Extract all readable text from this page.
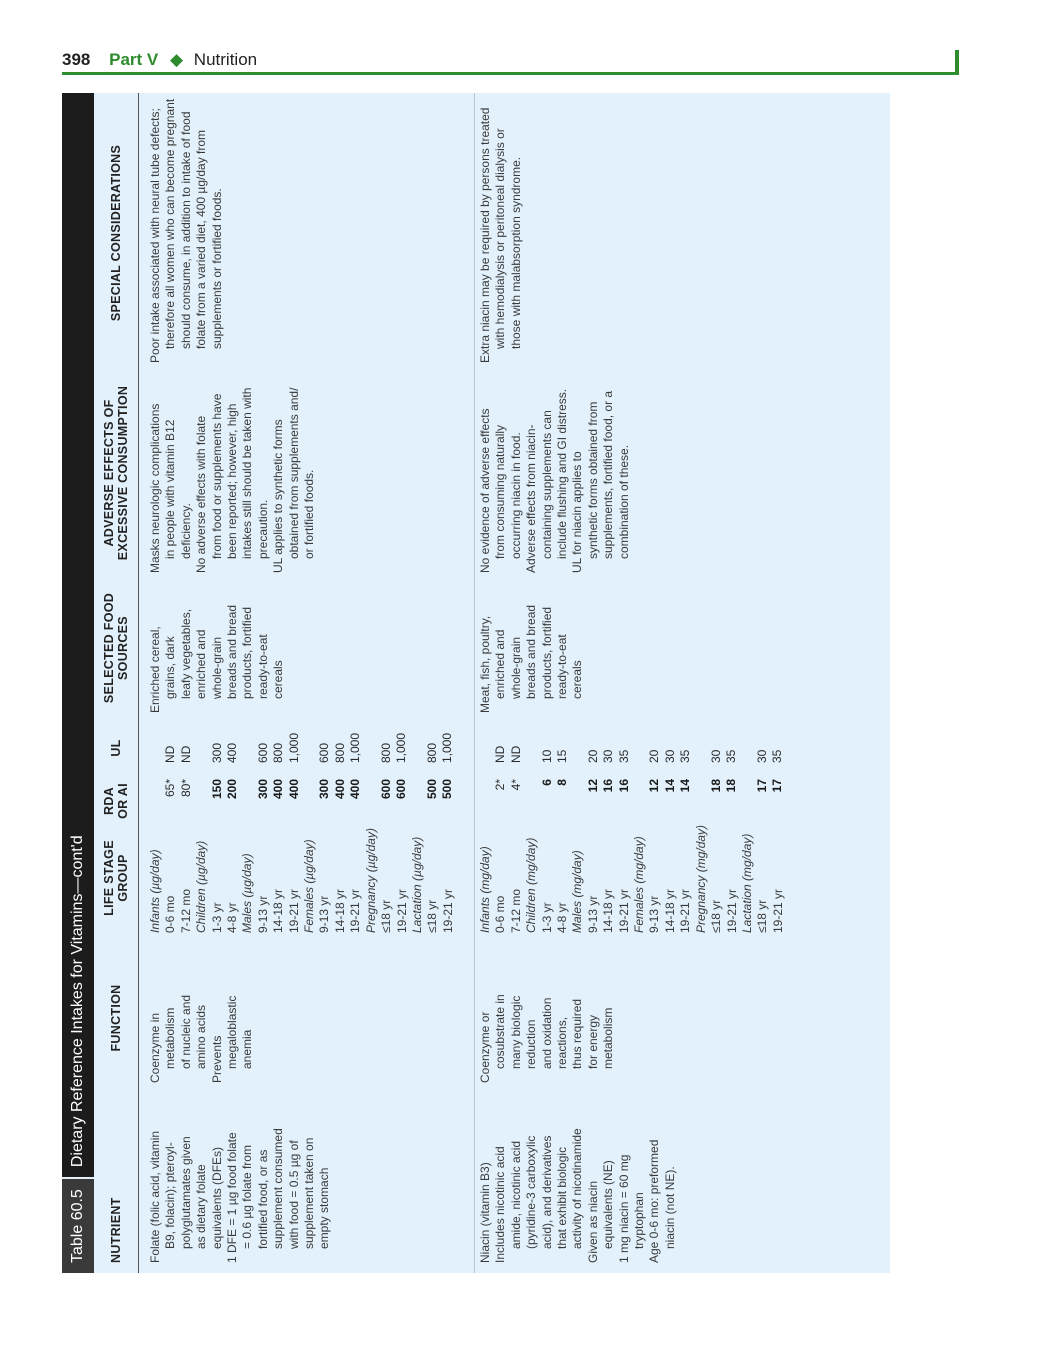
398 Part V ◆ Nutrition
Table 60.5
Dietary Reference Intakes for Vitamins—cont'd
NUTRIENT
FUNCTION
LIFE STAGE GROUP
RDA OR AI
UL
SELECTED FOOD SOURCES
ADVERSE EFFECTS OF EXCESSIVE CONSUMPTION
SPECIAL CONSIDERATIONS
Folate (folic acid, vitamin B9, folacin); pteroyl- polyglutamates given as dietary folate equivalents (DFEs) 1 DFE = 1 µg food folate = 0.6 µg folate from fortified food, or as supplement consumed with food = 0.5 µg of supplement taken on empty stomach
Coenzyme in metabolism of nucleic and amino acids Prevents megaloblastic anemia
Infants (µg/day) 0-6 mo 7-12 mo Children (µg/day) 1-3 yr 4-8 yr Males (µg/day) 9-13 yr 14-18 yr 19-21 yr Females (µg/day) 9-13 yr 14-18 yr 19-21 yr Pregnancy (µg/day) ≤18 yr 19-21 yr Lactation (µg/day) ≤18 yr 19-21 yr
65* 80* 150 200 300 400 400 300 400 400 600 600 500 500
ND ND 300 400 600 800 1,000 600 800 1,000 800 1,000 800 1,000
Enriched cereal, grains, dark leafy vegetables, enriched and whole-grain breads and bread products, fortified ready-to-eat cereals
Masks neurologic complications in people with vitamin B12 deficiency. No adverse effects with folate from food or supplements have been reported; however, high intakes still should be taken with precaution. UL applies to synthetic forms obtained from supplements and/ or fortified foods.
Poor intake associated with neural tube defects; therefore all women who can become pregnant should consume, in addition to intake of food folate from a varied diet, 400 µg/day from supplements or fortified foods.
Niacin (vitamin B3) Includes nicotinic acid amide, nicotinic acid (pyridine-3 carboxylic acid), and derivatives that exhibit biologic activity of nicotinamide Given as niacin equivalents (NE) 1 mg niacin = 60 mg tryptophan Age 0-6 mo: preformed niacin (not NE).
Coenzyme or cosubstrate in many biologic reduction and oxidation reactions, thus required for energy metabolism
Infants (mg/day) 0-6 mo 7-12 mo Children (mg/day) 1-3 yr 4-8 yr Males (mg/day) 9-13 yr 14-18 yr 19-21 yr Females (mg/day) 9-13 yr 14-18 yr 19-21 yr Pregnancy (mg/day) ≤18 yr 19-21 yr Lactation (mg/day) ≤18 yr 19-21 yr
2* 4* 6 8 12 16 16 12 14 14 18 18 17 17
ND ND 10 15 20 30 35 20 30 35 30 35 30 35
Meat, fish, poultry, enriched and whole-grain breads and bread products, fortified ready-to-eat cereals
No evidence of adverse effects from consuming naturally occurring niacin in food. Adverse effects from niacin- containing supplements can include flushing and GI distress. UL for niacin applies to synthetic forms obtained from supplements, fortified food, or a combination of these.
Extra niacin may be required by persons treated with hemodialysis or peritoneal dialysis or those with malabsorption syndrome.
